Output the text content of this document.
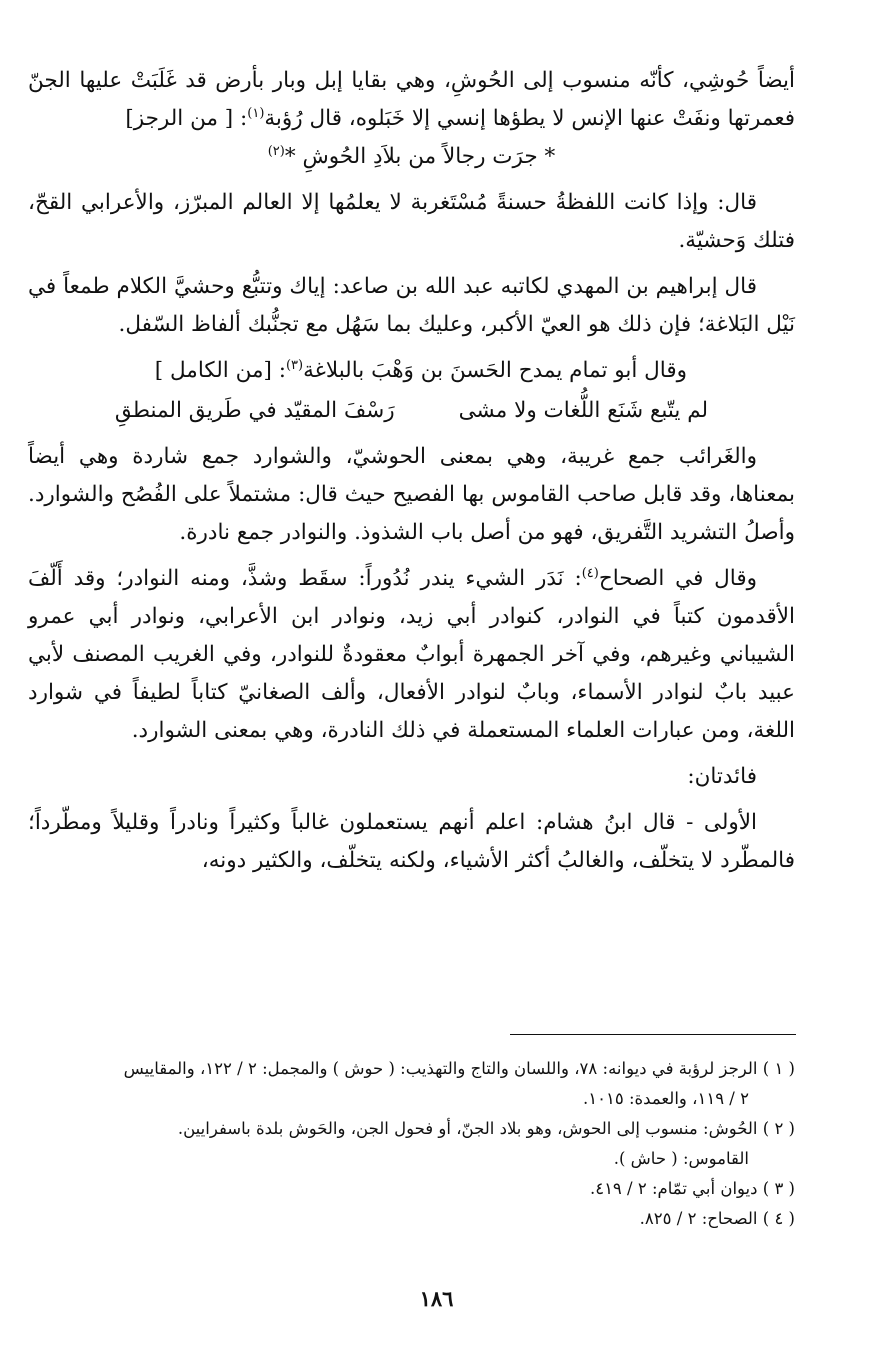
أيضاً حُوشِي، كأنّه منسوب إلى الحُوشِ، وهي بقايا إبل وبار بأرض قد غَلَبَتْ عليها الجنّ فعمرتها ونفَتْ عنها الإنس لا يطؤها إنسي إلا خَبَلوه، قال رُؤبة$^{(١)}$: [ من الرجز]

* جرَت رجالاً من بلاَدِ الحُوشِ *$^{(٢)}$

قال: وإذا كانت اللفظةُ حسنةً مُسْتَغربة لا يعلمُها إلا العالم المبرّز، والأعرابي القحّ، فتلك وَحشيّة.

قال إبراهيم بن المهدي لكاتبه عبد الله بن صاعد: إياك وتتبُّع وحشيَّ الكلام طمعاً في نَيْل البَلاغة؛ فإن ذلك هو العيّ الأكبر، وعليك بما سَهُل مع تجنُّبك ألفاظ السّفل.

وقال أبو تمام يمدح الحَسنَ بن وَهْبَ بالبلاغة$^{(٣)}$: [من الكامل ]

لم يتّبع شَنَع اللُّغات ولا مشى
رَسْفَ المقيّد في طَريق المنطقِ

والغَرائب جمع غريبة، وهي بمعنى الحوشيّ، والشوارد جمع شاردة وهي أيضاً بمعناها، وقد قابل صاحب القاموس بها الفصيح حيث قال: مشتملاً على الفُصُح والشوارد. وأصلُ التشريد التَّفريق، فهو من أصل باب الشذوذ. والنوادر جمع نادرة.

وقال في الصحاح$^{(٤)}$: نَدَر الشيء يندر نُدُوراً: سقَط وشذَّ، ومنه النوادر؛ وقد أَلّفَ الأقدمون كتباً في النوادر، كنوادر أبي زيد، ونوادر ابن الأعرابي، ونوادر أبي عمرو الشيباني وغيرهم، وفي آخر الجمهرة أبوابٌ معقودةٌ للنوادر، وفي الغريب المصنف لأبي عبيد بابٌ لنوادر الأسماء، وبابٌ لنوادر الأفعال، وألف الصغانيّ كتاباً لطيفاً في شوارد اللغة، ومن عبارات العلماء المستعملة في ذلك النادرة، وهي بمعنى الشوارد.

فائدتان:

الأولى - قال ابنُ هشام: اعلم أنهم يستعملون غالباً وكثيراً ونادراً وقليلاً ومطّرداً؛ فالمطّرد لا يتخلّف، والغالبُ أكثر الأشياء، ولكنه يتخلّف، والكثير دونه،

( ١ ) الرجز لرؤبة في ديوانه: ٧٨، واللسان والتاج والتهذيب: ( حوش ) والمجمل: ٢ / ١٢٢، والمقاييس

٢ / ١١٩، والعمدة: ١٠١٥.

( ٢ ) الحُوش: منسوب إلى الحوش، وهو بلاد الجنّ، أو فحول الجن، والحَوش بلدة باسفرايين.

القاموس: ( حاش ).

( ٣ ) ديوان أبي تمّام: ٢ / ٤١٩.

( ٤ ) الصحاح: ٢ / ٨٢٥.

١٨٦
